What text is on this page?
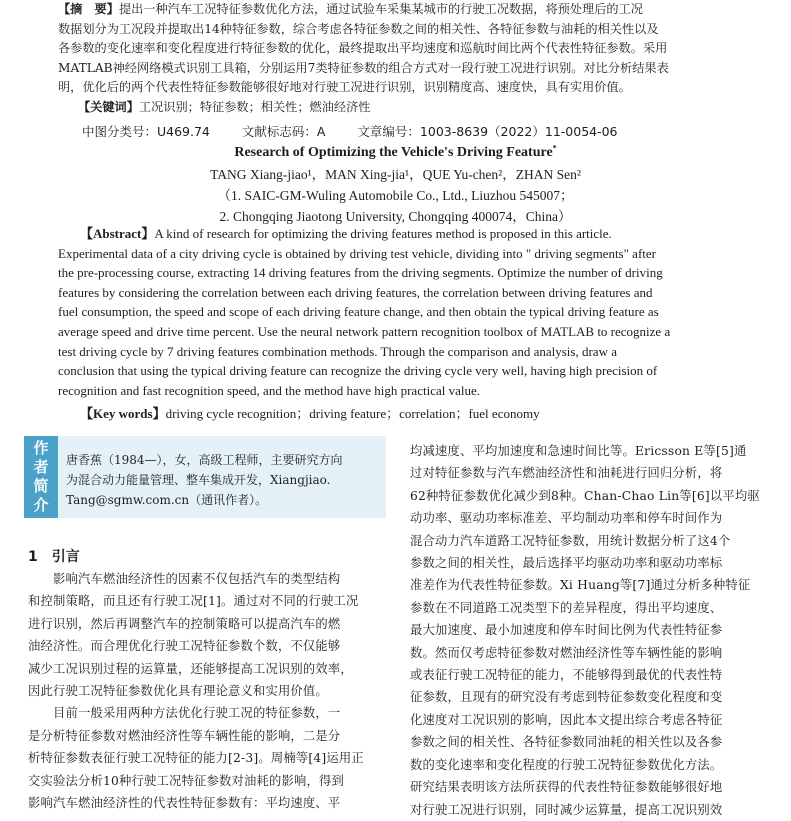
【摘　要】提出一种汽车工况特征参数优化方法，通过试验车采集某城市的行驶工况数据，将预处理后的工况
数据划分为工况段并提取出14种特征参数，综合考虑各特征参数之间的相关性、各特征参数与油耗的相关性以及
各参数的变化速率和变化程度进行特征参数的优化，最终提取出平均速度和巡航时间比两个代表性特征参数。采用
MATLAB神经网络模式识别工具箱，分别运用7类特征参数的组合方式对一段行驶工况进行识别。对比分析结果表
明，优化后的两个代表性特征参数能够很好地对行驶工况进行识别，识别精度高、速度快，具有实用价值。
【关键词】工况识别；特征参数；相关性；燃油经济性
中图分类号：U469.74	文献标志码：A	文章编号：1003-8639（2022）11-0054-06
Research of Optimizing the Vehicle's Driving Feature*
TANG Xiang-jiao¹，MAN Xing-jia¹，QUE Yu-chen²，ZHAN Sen²
（1. SAIC-GM-Wuling Automobile Co., Ltd., Liuzhou 545007；
2. Chongqing Jiaotong University, Chongqing 400074，China）
【Abstract】A kind of research for optimizing the driving features method is proposed in this article.
Experimental data of a city driving cycle is obtained by driving test vehicle, dividing into " driving segments" after
the pre-processing course, extracting 14 driving features from the driving segments. Optimize the number of driving
features by considering the correlation between each driving features, the correlation between driving features and
fuel consumption, the speed and scope of each driving feature change, and then obtain the typical driving feature as
average speed and drive time percent. Use the neural network pattern recognition toolbox of MATLAB to recognize a
test driving cycle by 7 driving features combination methods. Through the comparison and analysis, draw a
conclusion that using the typical driving feature can recognize the driving cycle very well, having high precision of
recognition and fast recognition speed, and the method have high practical value.
【Key words】driving cycle recognition；driving feature；correlation；fuel economy
作
者
简
介
唐香蕉（1984—），女，高级工程师，主要研究方向
为混合动力能量管理、整车集成开发，Xiangjiao.
Tang@sgmw.com.cn（通讯作者）。
1　引言
　　影响汽车燃油经济性的因素不仅包括汽车的类型结构
和控制策略，而且还有行驶工况[1]。通过对不同的行驶工况
进行识别，然后再调整汽车的控制策略可以提高汽车的燃
油经济性。而合理优化行驶工况特征参数个数，不仅能够
减少工况识别过程的运算量，还能够提高工况识别的效率，
因此行驶工况特征参数优化具有理论意义和实用价值。
　　目前一般采用两种方法优化行驶工况的特征参数，一
是分析特征参数对燃油经济性等车辆性能的影响，二是分
析特征参数表征行驶工况特征的能力[2-3]。周楠等[4]运用正
交实验法分析10种行驶工况特征参数对油耗的影响，得到
影响汽车燃油经济性的代表性特征参数有：平均速度、平
均减速度、平均加速度和急速时间比等。Ericsson E等[5]通
过对特征参数与汽车燃油经济性和油耗进行回归分析，将
62种特征参数优化减少到8种。Chan-Chao Lin等[6]以平均驱
动功率、驱动功率标准差、平均制动功率和停车时间作为
混合动力汽车道路工况特征参数，用统计数据分析了这4个
参数之间的相关性，最后选择平均驱动功率和驱动功率标
准差作为代表性特征参数。Xi Huang等[7]通过分析多种特征
参数在不同道路工况类型下的差异程度，得出平均速度、
最大加速度、最小加速度和停车时间比例为代表性特征参
数。然而仅考虑特征参数对燃油经济性等车辆性能的影响
或表征行驶工况特征的能力，不能够得到最优的代表性特
征参数，且现有的研究没有考虑到特征参数变化程度和变
化速度对工况识别的影响，因此本文提出综合考虑各特征
参数之间的相关性、各特征参数同油耗的相关性以及各参
数的变化速率和变化程度的行驶工况特征参数优化方法。
研究结果表明该方法所获得的代表性特征参数能够很好地
对行驶工况进行识别，同时减少运算量，提高工况识别效
